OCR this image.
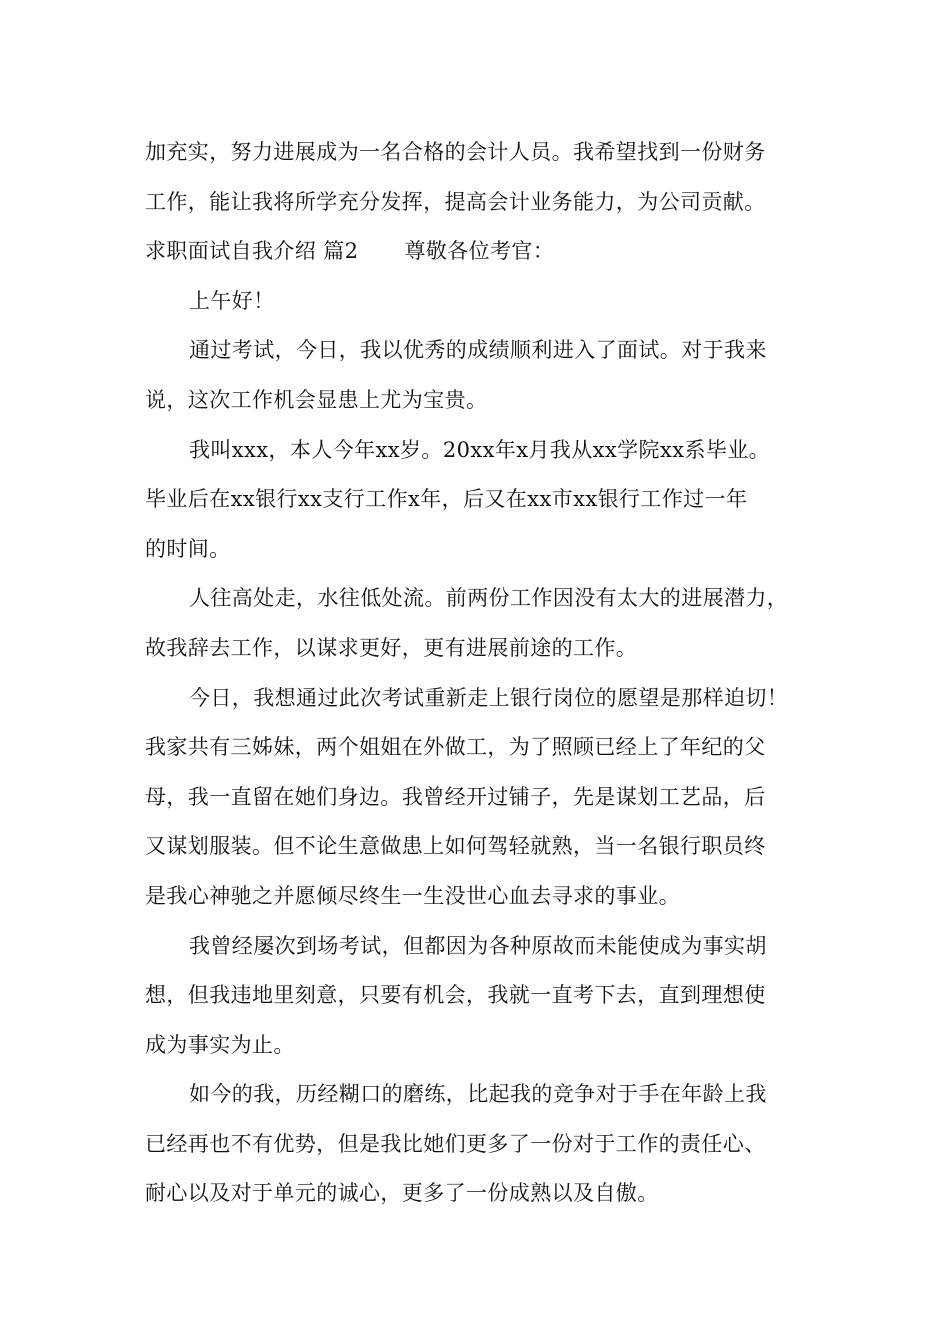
加充实，努力进展成为一名合格的会计人员。我希望找到一份财务
工作，能让我将所学充分发挥，提高会计业务能力，为公司贡献。
求职面试自我介绍 篇2 尊敬各位考官：
上午好！
通过考试，今日，我以优秀的成绩顺利进入了面试。对于我来
说，这次工作机会显患上尤为宝贵。
我叫xxx，本人今年xx岁。20xx年x月我从xx学院xx系毕业。
毕业后在xx银行xx支行工作x年，后又在xx市xx银行工作过一年
的时间。
人往高处走，水往低处流。前两份工作因没有太大的进展潜力，
故我辞去工作，以谋求更好，更有进展前途的工作。
今日，我想通过此次考试重新走上银行岗位的愿望是那样迫切！
我家共有三姊妹，两个姐姐在外做工，为了照顾已经上了年纪的父
母，我一直留在她们身边。我曾经开过铺子，先是谋划工艺品，后
又谋划服装。但不论生意做患上如何驾轻就熟，当一名银行职员终
是我心神驰之并愿倾尽终生一生没世心血去寻求的事业。
我曾经屡次到场考试，但都因为各种原故而未能使成为事实胡
想，但我违地里刻意，只要有机会，我就一直考下去，直到理想使
成为事实为止。
如今的我，历经糊口的磨练，比起我的竞争对于手在年龄上我
已经再也不有优势，但是我比她们更多了一份对于工作的责任心、
耐心以及对于单元的诚心，更多了一份成熟以及自傲。
